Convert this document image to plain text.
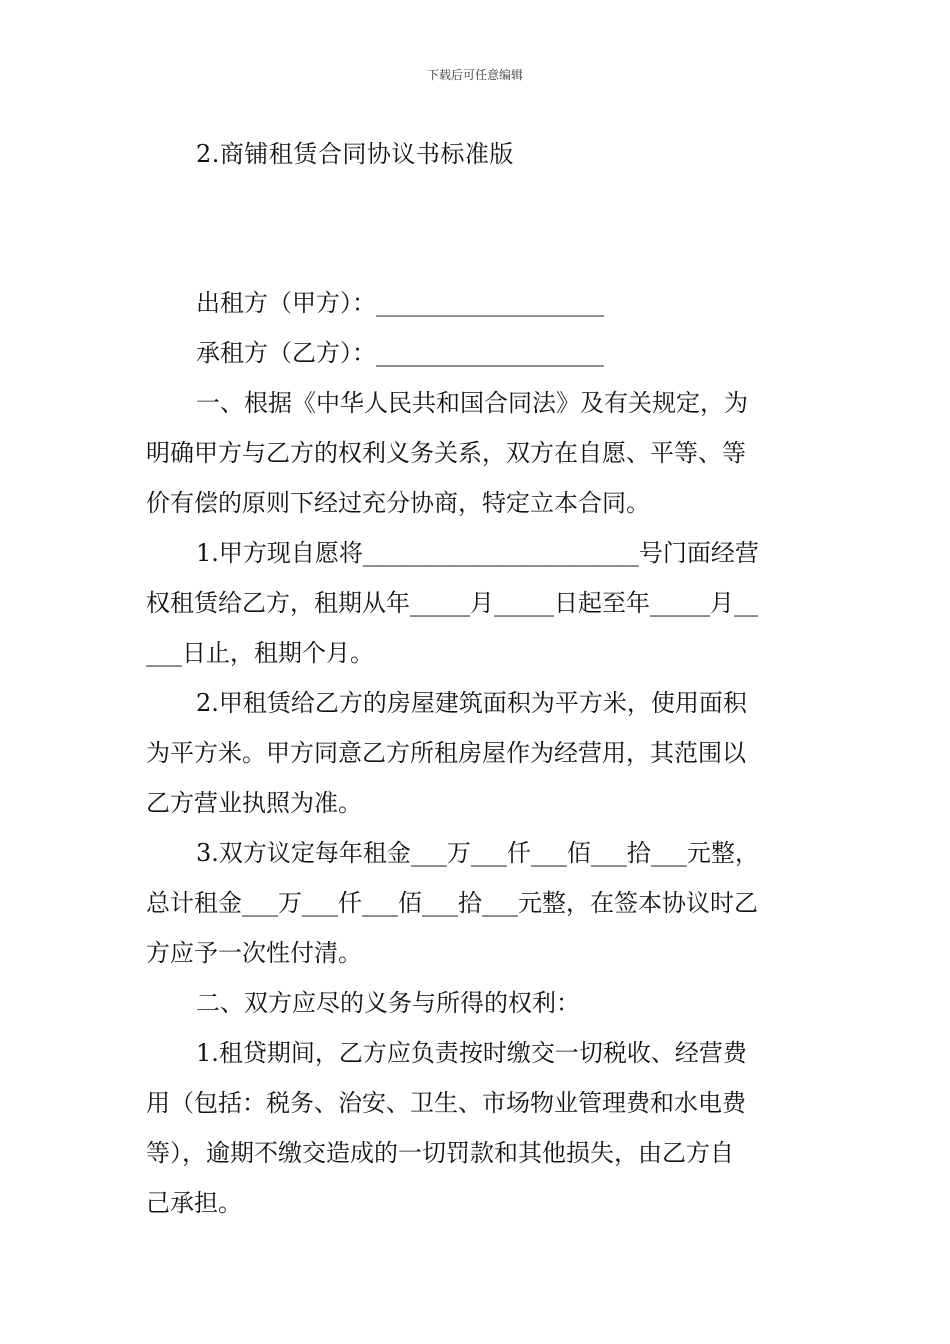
下载后可任意编辑
2.商铺租赁合同协议书标准版
出租方（甲方）：___________________
承租方（乙方）：___________________
一、根据《中华人民共和国合同法》及有关规定，为
明确甲方与乙方的权利义务关系，双方在自愿、平等、等
价有偿的原则下经过充分协商，特定立本合同。
1.甲方现自愿将_______________________号门面经营
权租赁给乙方，租期从年_____月_____日起至年_____月__
___日止，租期个月。
2.甲租赁给乙方的房屋建筑面积为平方米，使用面积
为平方米。甲方同意乙方所租房屋作为经营用，其范围以
乙方营业执照为准。
3.双方议定每年租金___万___仟___佰___拾___元整，
总计租金___万___仟___佰___拾___元整，在签本协议时乙
方应予一次性付清。
二、双方应尽的义务与所得的权利：
1.租贷期间，乙方应负责按时缴交一切税收、经营费
用（包括：税务、治安、卫生、市场物业管理费和水电费
等），逾期不缴交造成的一切罚款和其他损失，由乙方自
己承担。
